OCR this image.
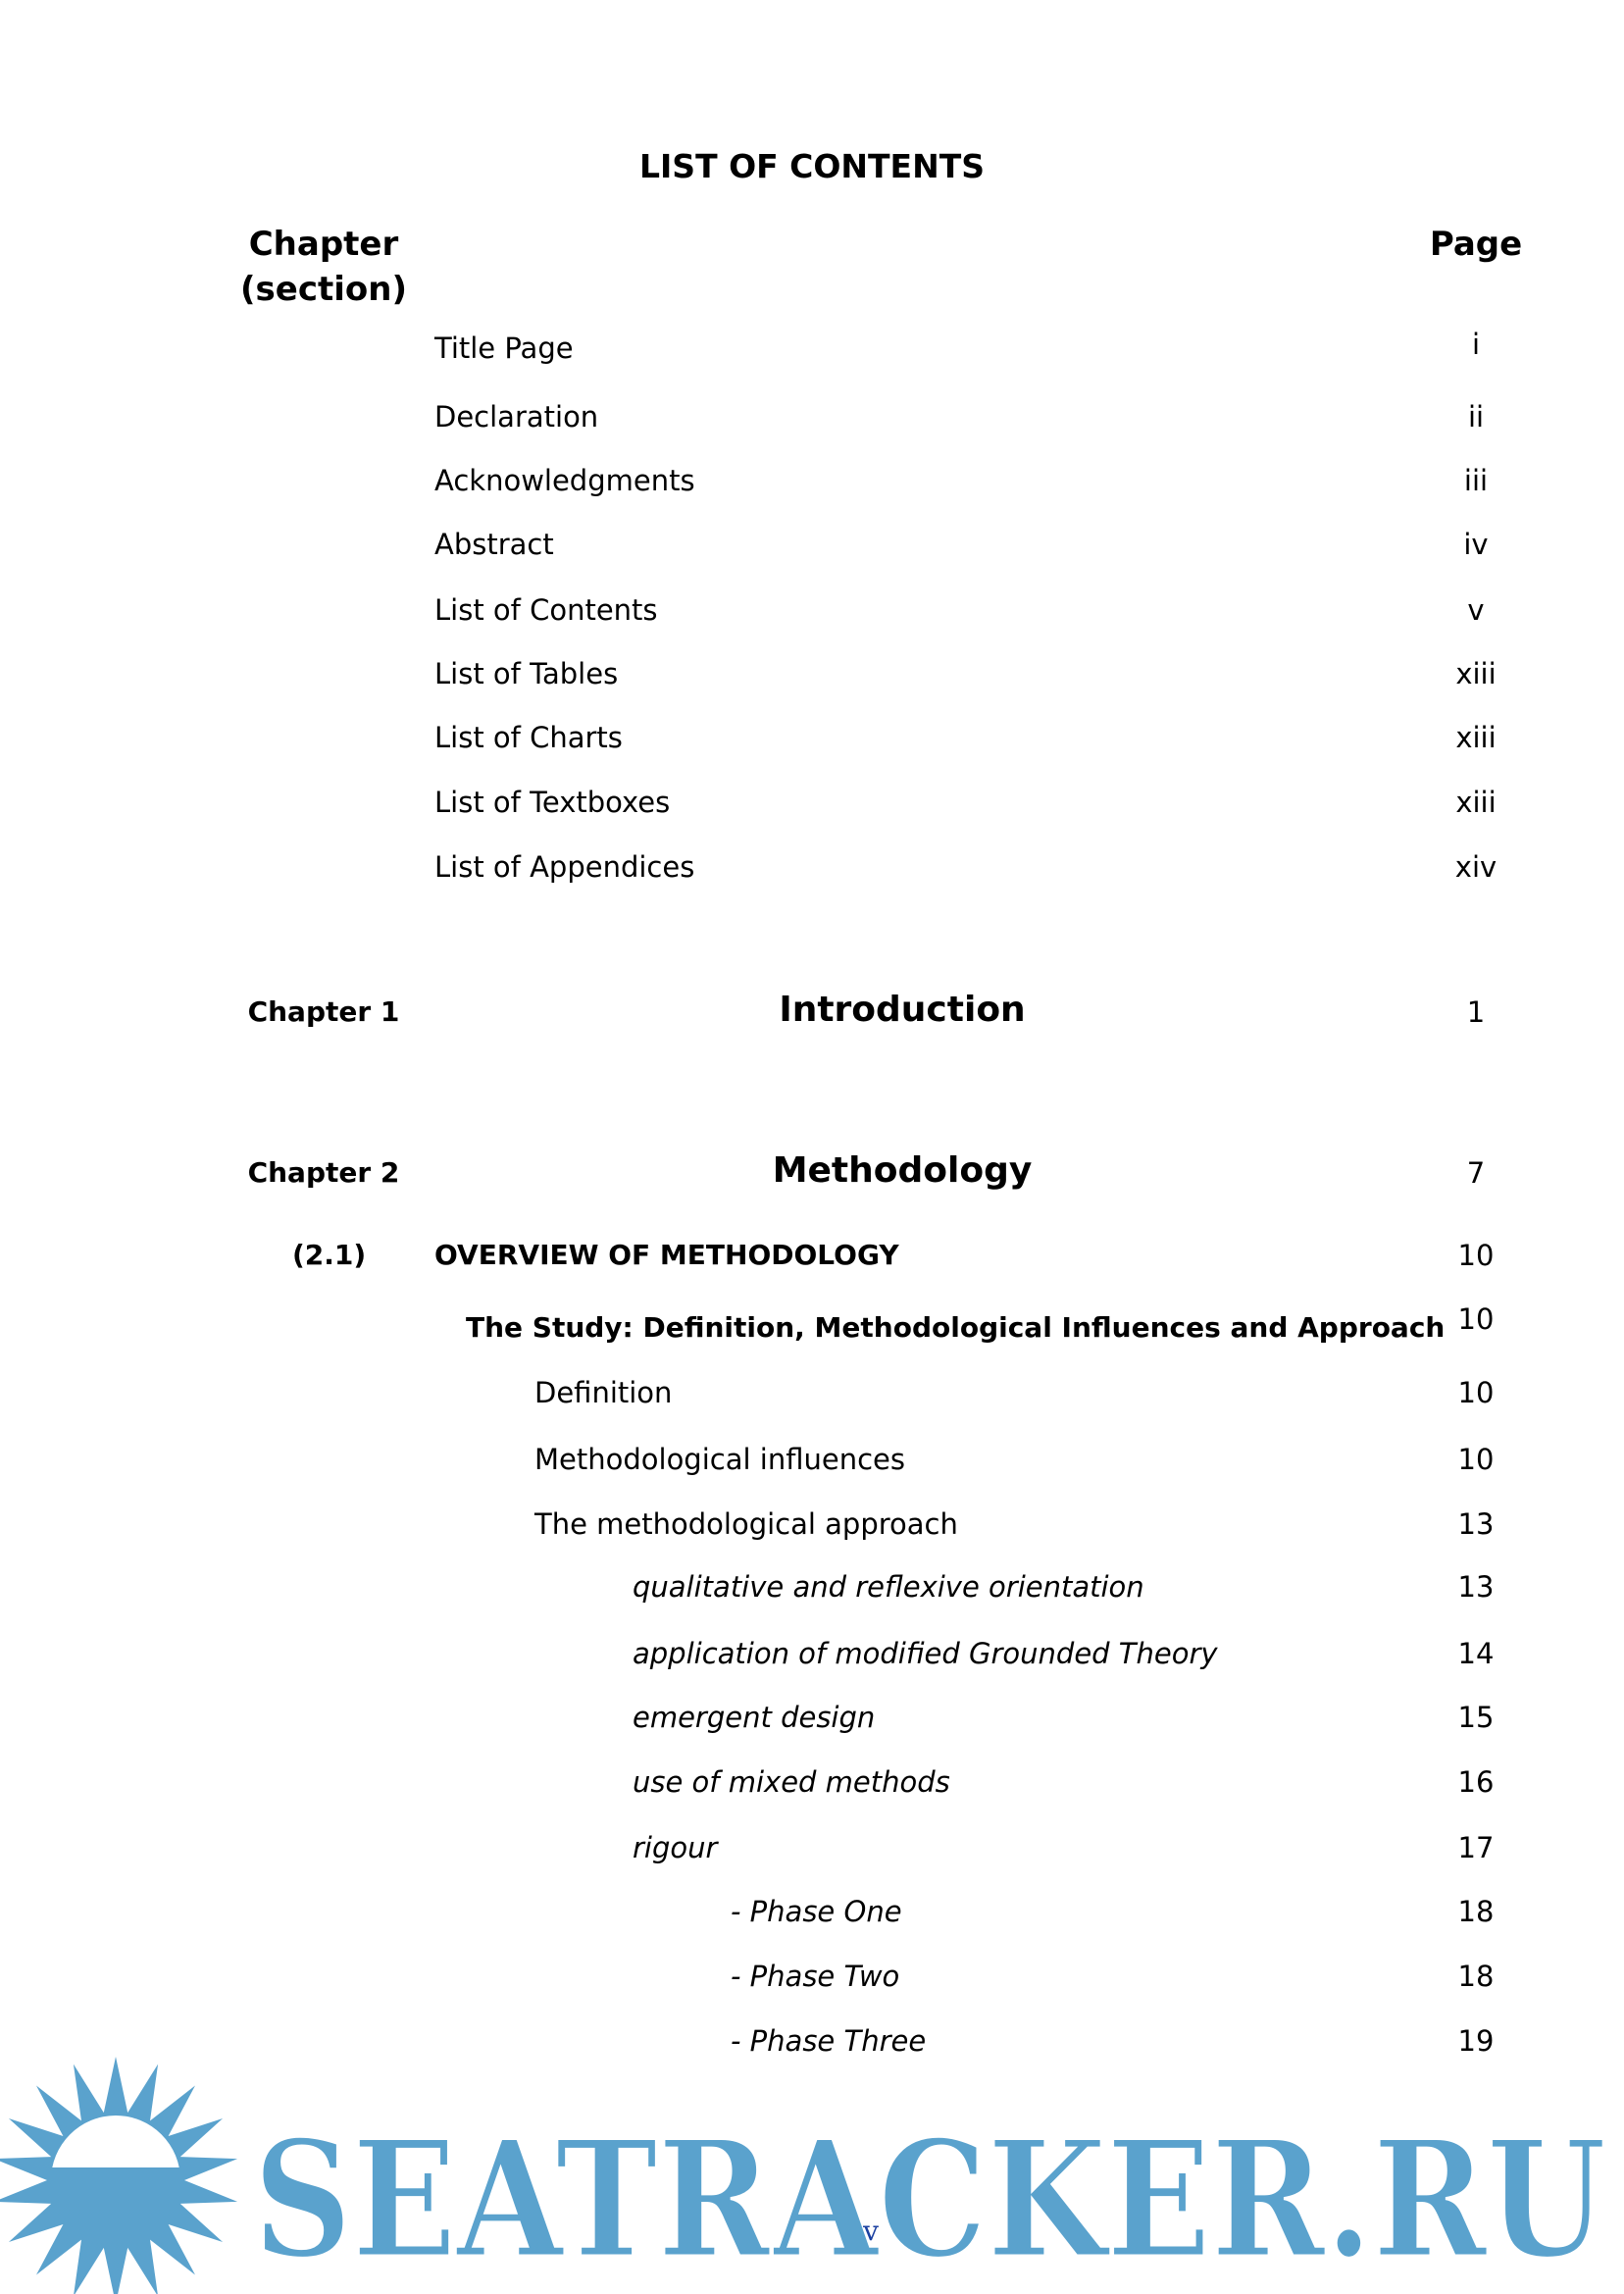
LIST OF CONTENTS
Chapter
(section)
Page
Title Page	i
Declaration	ii
Acknowledgments	iii
Abstract	iv
List of Contents	v
List of Tables	xiii
List of Charts	xiii
List of Textboxes	xiii
List of Appendices	xiv
Chapter 1	Introduction	1
Chapter 2	Methodology	7
(2.1) OVERVIEW OF METHODOLOGY	10
The Study: Definition, Methodological Influences and Approach 10
Definition	10
Methodological influences	10
The methodological approach	13
qualitative and reflexive orientation	13
application of modified Grounded Theory	14
emergent design	15
use of mixed methods	16
rigour	17
- Phase One	18
- Phase Two	18
- Phase Three	19
SEATRACKER.RU
v
